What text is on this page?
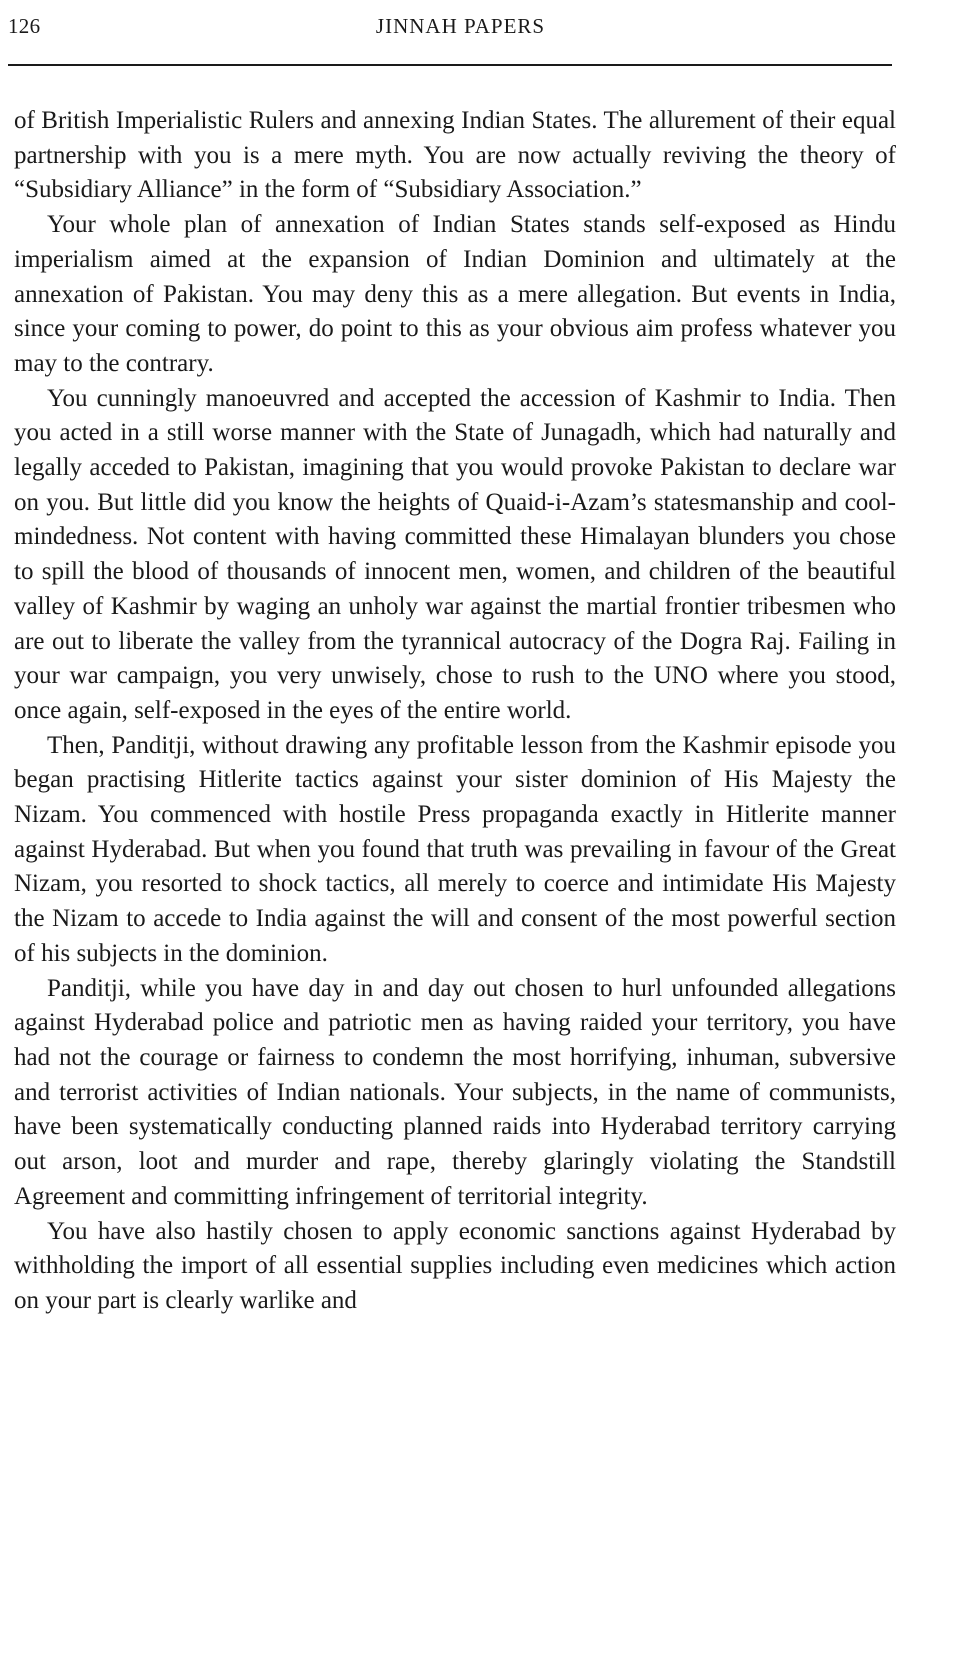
126	JINNAH PAPERS

of British Imperialistic Rulers and annexing Indian States. The allurement of their equal partnership with you is a mere myth. You are now actually reviving the theory of “Subsidiary Alliance” in the form of “Subsidiary Association.”

Your whole plan of annexation of Indian States stands self-exposed as Hindu imperialism aimed at the expansion of Indian Dominion and ultimately at the annexation of Pakistan. You may deny this as a mere allegation. But events in India, since your coming to power, do point to this as your obvious aim profess whatever you may to the contrary.

You cunningly manoeuvred and accepted the accession of Kashmir to India. Then you acted in a still worse manner with the State of Junagadh, which had naturally and legally acceded to Pakistan, imagining that you would provoke Pakistan to declare war on you. But little did you know the heights of Quaid-i-Azam’s statesmanship and cool-mindedness. Not content with having committed these Himalayan blunders you chose to spill the blood of thousands of innocent men, women, and children of the beautiful valley of Kashmir by waging an unholy war against the martial frontier tribesmen who are out to liberate the valley from the tyrannical autocracy of the Dogra Raj. Failing in your war campaign, you very unwisely, chose to rush to the UNO where you stood, once again, self-exposed in the eyes of the entire world.

Then, Panditji, without drawing any profitable lesson from the Kashmir episode you began practising Hitlerite tactics against your sister dominion of His Majesty the Nizam. You commenced with hostile Press propaganda exactly in Hitlerite manner against Hyderabad. But when you found that truth was prevailing in favour of the Great Nizam, you resorted to shock tactics, all merely to coerce and intimidate His Majesty the Nizam to accede to India against the will and consent of the most powerful section of his subjects in the dominion.

Panditji, while you have day in and day out chosen to hurl unfounded allegations against Hyderabad police and patriotic men as having raided your territory, you have had not the courage or fairness to condemn the most horrifying, inhuman, subversive and terrorist activities of Indian nationals. Your subjects, in the name of communists, have been systematically conducting planned raids into Hyderabad territory carrying out arson, loot and murder and rape, thereby glaringly violating the Standstill Agreement and committing infringement of territorial integrity.

You have also hastily chosen to apply economic sanctions against Hyderabad by withholding the import of all essential supplies including even medicines which action on your part is clearly warlike and
